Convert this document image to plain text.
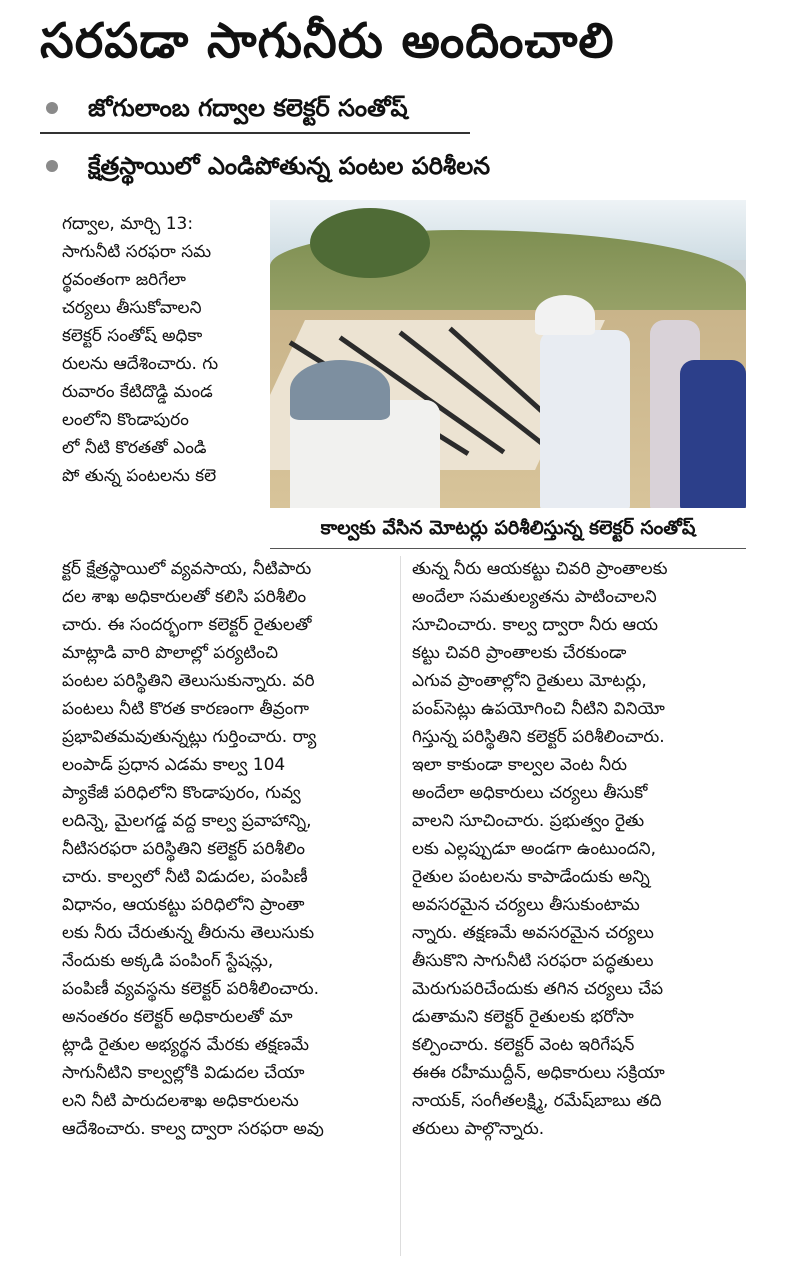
సరపడా సాగునీరు అందించాలి
జోగులాంబ గద్వాల కలెక్టర్ సంతోష్
క్షేత్రస్థాయిలో ఎండిపోతున్న పంటల పరిశీలన
కాల్వకు వేసిన మోటర్లు పరిశీలిస్తున్న కలెక్టర్ సంతోష్
గద్వాల, మార్చి 13:
సాగునీటి సరఫరా సమ
ర్థవంతంగా జరిగేలా
చర్యలు తీసుకోవాలని
కలెక్టర్ సంతోష్ అధికా
రులను ఆదేశించారు. గు
రువారం కేటిదొడ్డి మండ
లంలోని కొండాపురం
లో నీటి కొరతతో ఎండి
పో తున్న పంటలను కలె
క్టర్ క్షేత్రస్థాయిలో వ్యవసాయ, నీటిపారు
దల శాఖ అధికారులతో కలిసి పరిశీలిం
చారు. ఈ సందర్భంగా కలెక్టర్ రైతులతో
మాట్లాడి వారి పొలాల్లో పర్యటించి
పంటల పరిస్థితిని తెలుసుకున్నారు. వరి
పంటలు నీటి కొరత కారణంగా తీవ్రంగా
ప్రభావితమవుతున్నట్లు గుర్తించారు. ర్యా
లంపాడ్ ప్రధాన ఎడమ కాల్వ 104
ప్యాకేజీ పరిధిలోని కొండాపురం, గువ్వ
లదిన్నె, మైలగడ్డ వద్ద కాల్వ ప్రవాహాన్ని,
నీటిసరఫరా పరిస్థితిని కలెక్టర్ పరిశీలిం
చారు. కాల్వలో నీటి విడుదల, పంపిణీ
విధానం, ఆయకట్టు పరిధిలోని ప్రాంతా
లకు నీరు చేరుతున్న తీరును తెలుసుకు
నేందుకు అక్కడి పంపింగ్ స్టేషన్లు,
పంపిణీ వ్యవస్థను కలెక్టర్ పరిశీలించారు.
అనంతరం కలెక్టర్ అధికారులతో మా
ట్లాడి రైతుల అభ్యర్థన మేరకు తక్షణమే
సాగునీటిని కాల్వల్లోకి విడుదల చేయా
లని నీటి పారుదలశాఖ అధికారులను
ఆదేశించారు. కాల్వ ద్వారా సరఫరా అవు
తున్న నీరు ఆయకట్టు చివరి ప్రాంతాలకు
అందేలా సమతుల్యతను పాటించాలని
సూచించారు. కాల్వ ద్వారా నీరు ఆయ
కట్టు చివరి ప్రాంతాలకు చేరకుండా
ఎగువ ప్రాంతాల్లోని రైతులు మోటర్లు,
పంప్‌సెట్లు ఉపయోగించి నీటిని వినియో
గిస్తున్న పరిస్థితిని కలెక్టర్ పరిశీలించారు.
ఇలా కాకుండా కాల్వల వెంట నీరు
అందేలా అధికారులు చర్యలు తీసుకో
వాలని సూచించారు. ప్రభుత్వం రైతు
లకు ఎల్లప్పుడూ అండగా ఉంటుందని,
రైతుల పంటలను కాపాడేందుకు అన్ని
అవసరమైన చర్యలు తీసుకుంటామ
న్నారు. తక్షణమే అవసరమైన చర్యలు
తీసుకొని సాగునీటి సరఫరా పద్ధతులు
మెరుగుపరిచేందుకు తగిన చర్యలు చేప
డుతామని కలెక్టర్ రైతులకు భరోసా
కల్పించారు. కలెక్టర్ వెంట ఇరిగేషన్
ఈఈ రహీముద్దీన్, అధికారులు సక్రియా
నాయక్, సంగీతలక్ష్మి, రమేష్‌బాబు తది
తరులు పాల్గొన్నారు.
